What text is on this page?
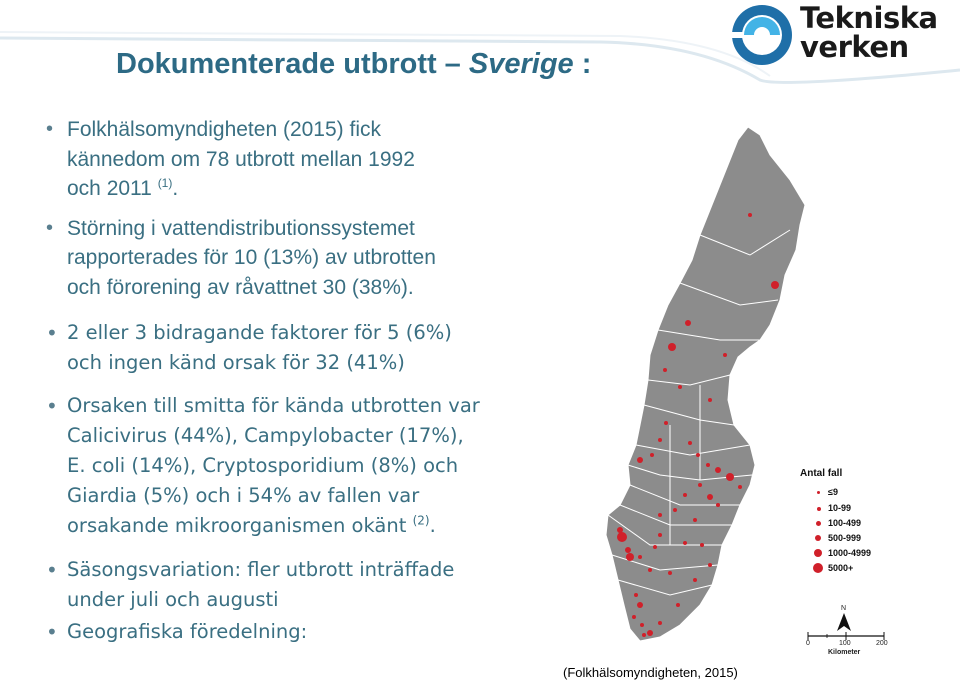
Tekniska
verken
Dokumenterade utbrott – Sverige :
• Folkhälsomyndigheten (2015) fick
kännedom om 78 utbrott mellan 1992
och 2011 $^{(1)}$.
• Störning i vattendistributionssystemet
rapporterades för 10 (13%) av utbrotten
och förorening av råvattnet 30 (38%).
• 2 eller 3 bidragande faktorer för 5 (6%)
och ingen känd orsak för 32 (41%)
• Orsaken till smitta för kända utbrotten var
Calicivirus (44%), Campylobacter (17%),
E. coli (14%), Cryptosporidium (8%) och
Giardia (5%) och i 54% av fallen var
orsakande mikroorganismen okänt $^{(2)}$.
• Säsongsvariation: fler utbrott inträffade
under juli och augusti
• Geografiska föredelning:
Antal fall
≤9
10-99
100-499
500-999
1000-4999
5000+
N
0	100	200
Kilometer
(Folkhälsomyndigheten, 2015)
